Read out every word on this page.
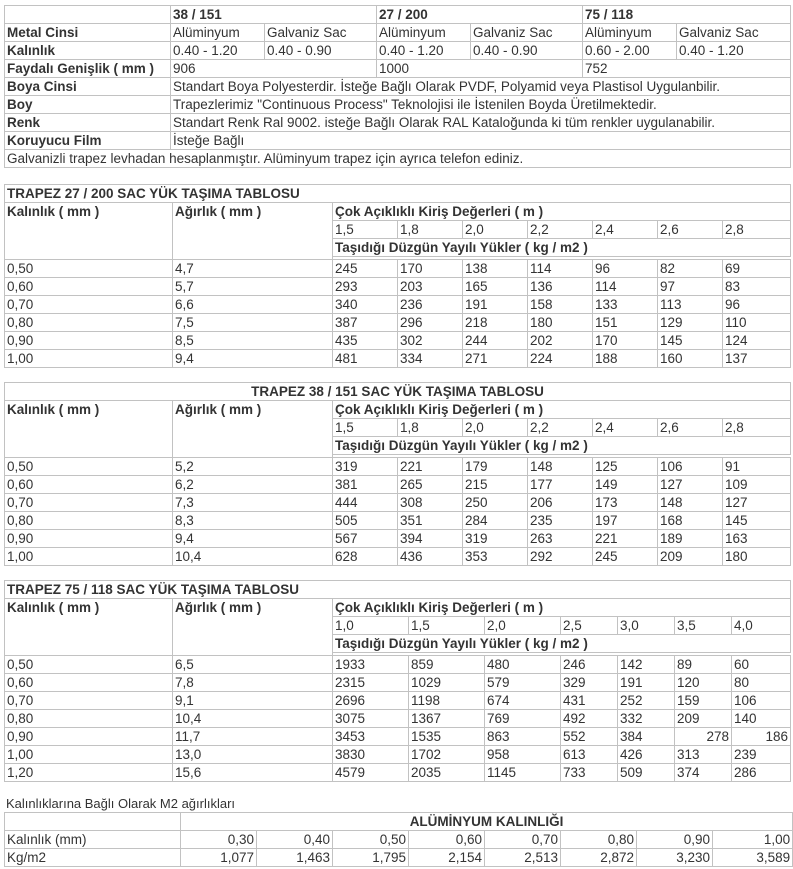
	38 / 151		27 / 200		75 / 118	
Metal Cinsi	Alüminyum	Galvaniz Sac	Alüminyum	Galvaniz Sac	Alüminyum	Galvaniz Sac
Kalınlık	0.40 - 1.20	0.40 - 0.90	0.40 - 1.20	0.40 - 0.90	0.60 - 2.00	0.40 - 1.20
Faydalı Genişlik ( mm )	906		1000		752	
Boya Cinsi	Standart Boya Polyesterdir. İsteğe Bağlı Olarak PVDF, Polyamid veya Plastisol Uygulanbilir.					
Boy	Trapezlerimiz "Continuous Process" Teknolojisi ile İstenilen Boyda Üretilmektedir.					
Renk	Standart Renk Ral 9002. isteğe Bağlı Olarak RAL Kataloğunda ki tüm renkler uygulanabilir.					
Koruyucu Film	İsteğe Bağlı					
Galvanizli trapez levhadan hesaplanmıştır. Alüminyum trapez için ayrıca telefon ediniz.						
TRAPEZ 27 / 200 SAC YÜK TAŞIMA TABLOSU								
Kalınlık ( mm )	Ağırlık ( mm )	Çok Açıklıklı Kiriş Değerleri ( m )						
		1,5	1,8	2,0	2,2	2,4	2,6	2,8
		Taşıdığı Düzgün Yayılı Yükler ( kg / m2 )						

0,50	4,7	245	170	138	114	96	82	69
0,60	5,7	293	203	165	136	114	97	83
0,70	6,6	340	236	191	158	133	113	96
0,80	7,5	387	296	218	180	151	129	110
0,90	8,5	435	302	244	202	170	145	124
1,00	9,4	481	334	271	224	188	160	137
TRAPEZ 38 / 151 SAC YÜK TAŞIMA TABLOSU								
Kalınlık ( mm )	Ağırlık ( mm )	Çok Açıklıklı Kiriş Değerleri ( m )						
		1,5	1,8	2,0	2,2	2,4	2,6	2,8
		Taşıdığı Düzgün Yayılı Yükler ( kg / m2 )						

0,50	5,2	319	221	179	148	125	106	91
0,60	6,2	381	265	215	177	149	127	109
0,70	7,3	444	308	250	206	173	148	127
0,80	8,3	505	351	284	235	197	168	145
0,90	9,4	567	394	319	263	221	189	163
1,00	10,4	628	436	353	292	245	209	180
TRAPEZ 75 / 118 SAC YÜK TAŞIMA TABLOSU								
Kalınlık ( mm )	Ağırlık ( mm )	Çok Açıklıklı Kiriş Değerleri ( m )						
		1,0	1,5	2,0	2,5	3,0	3,5	4,0
		Taşıdığı Düzgün Yayılı Yükler ( kg / m2 )						

0,50	6,5	1933	859	480	246	142	89	60
0,60	7,8	2315	1029	579	329	191	120	80
0,70	9,1	2696	1198	674	431	252	159	106
0,80	10,4	3075	1367	769	492	332	209	140
0,90	11,7	3453	1535	863	552	384	278	186
1,00	13,0	3830	1702	958	613	426	313	239
1,20	15,6	4579	2035	1145	733	509	374	286
Kalınlıklarına Bağlı Olarak M2 ağırlıkları
	ALÜMİNYUM KALINLIĞI							
Kalınlık (mm)	0,30	0,40	0,50	0,60	0,70	0,80	0,90	1,00
Kg/m2	1,077	1,463	1,795	2,154	2,513	2,872	3,230	3,589
